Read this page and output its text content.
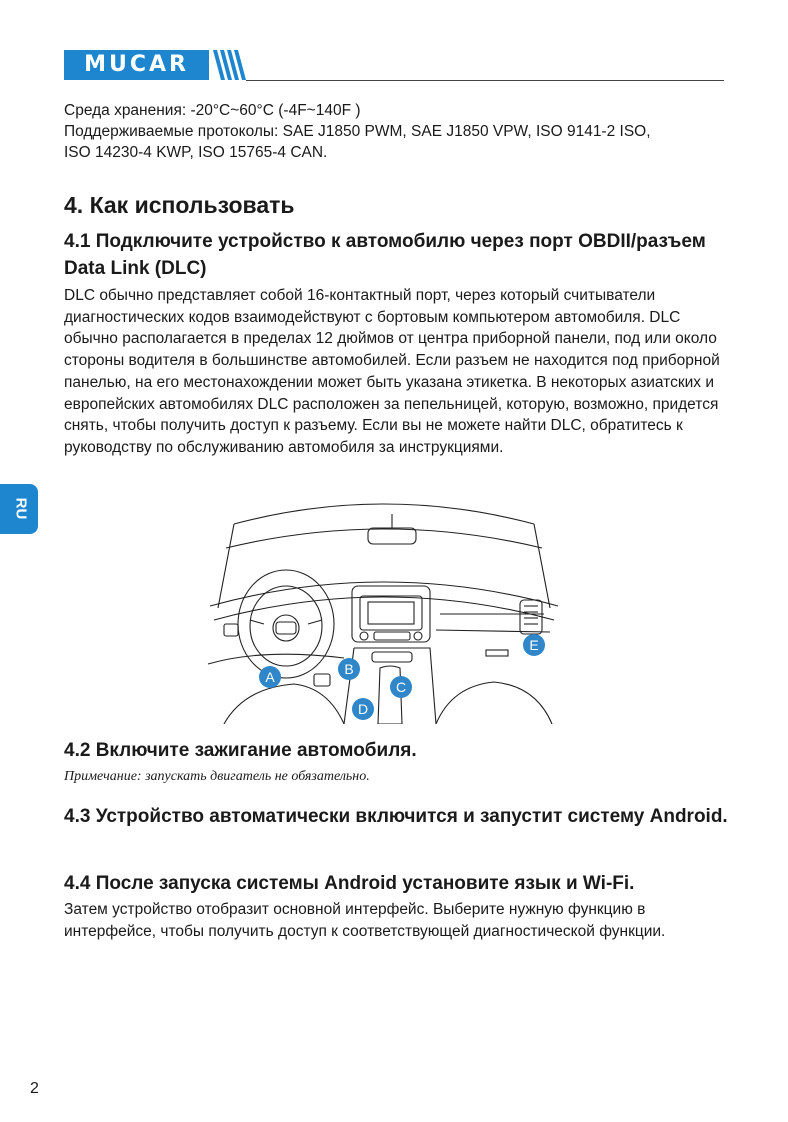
MUCAR

Среда хранения: -20°C~60°C (-4F~140F )

Поддерживаемые протоколы: SAE J1850 PWM, SAE J1850 VPW, ISO 9141-2 ISO,

ISO 14230-4 KWP, ISO 15765-4 CAN.

4. Как использовать
4.1 Подключите устройство к автомобилю через порт OBDII/разъем Data Link (DLC)

DLC обычно представляет собой 16-контактный порт, через который считыватели диагностических кодов взаимодействуют с бортовым компьютером автомобиля. DLC обычно располагается в пределах 12 дюймов от центра приборной панели, под или около стороны водителя в большинстве автомобилей. Если разъем не находится под приборной панелью, на его местонахождении может быть указана этикетка. В некоторых азиатских и европейских автомобилях DLC расположен за пепельницей, которую, возможно, придется снять, чтобы получить доступ к разъему. Если вы не можете найти DLC, обратитесь к руководству по обслуживанию автомобиля за инструкциями.

RU
A	B
C
D
E
4.2 Включите зажигание автомобиля.

Примечание: запускать двигатель не обязательно.

4.3 Устройство автоматически включится и запустит систему Android.
4.4 После запуска системы Android установите язык и Wi-Fi.

Затем устройство отобразит основной интерфейс. Выберите нужную функцию в интерфейсе, чтобы получить доступ к соответствующей диагностической функции.

2
